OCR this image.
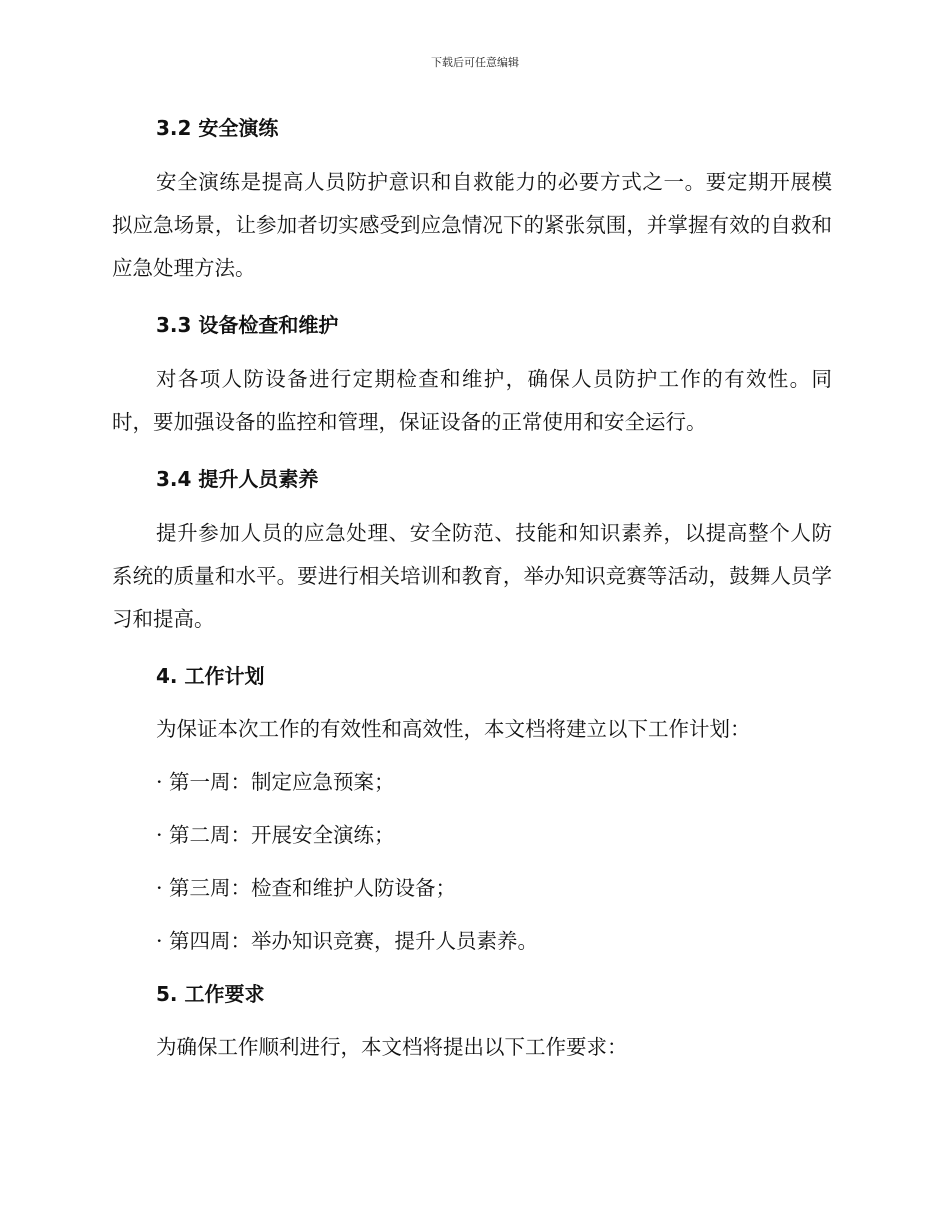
下载后可任意编辑
3.2 安全演练

安全演练是提高人员防护意识和自救能力的必要方式之一。要定期开展模拟应急场景，让参加者切实感受到应急情况下的紧张氛围，并掌握有效的自救和应急处理方法。

3.3 设备检查和维护

对各项人防设备进行定期检查和维护，确保人员防护工作的有效性。同时，要加强设备的监控和管理，保证设备的正常使用和安全运行。

3.4 提升人员素养

提升参加人员的应急处理、安全防范、技能和知识素养，以提高整个人防系统的质量和水平。要进行相关培训和教育，举办知识竞赛等活动，鼓舞人员学习和提高。

4. 工作计划

为保证本次工作的有效性和高效性，本文档将建立以下工作计划：

· 第一周：制定应急预案；

· 第二周：开展安全演练；

· 第三周：检查和维护人防设备；

· 第四周：举办知识竞赛，提升人员素养。

5. 工作要求

为确保工作顺利进行，本文档将提出以下工作要求：
